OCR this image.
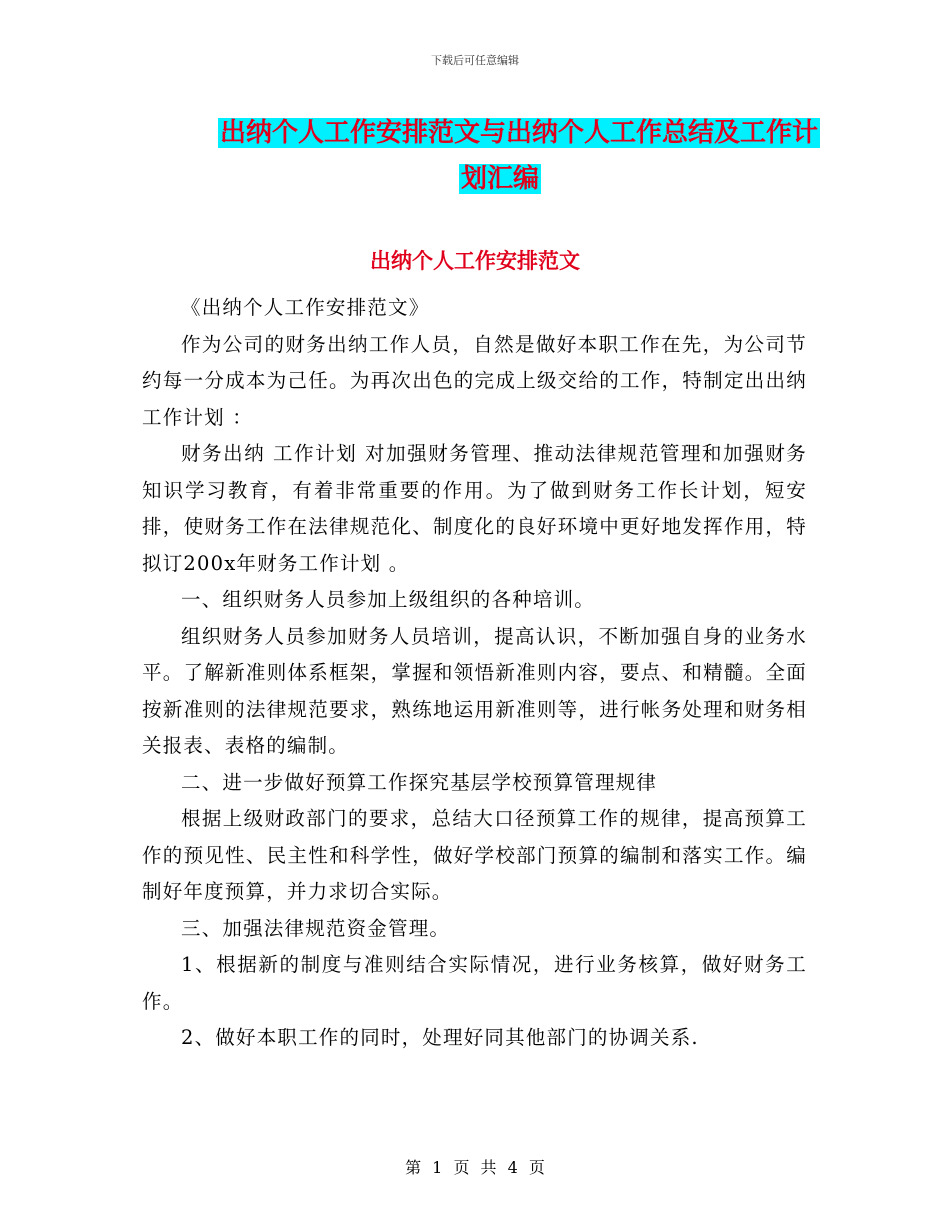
下载后可任意编辑
出纳个人工作安排范文与出纳个人工作总结及工作计
划汇编
出纳个人工作安排范文

《出纳个人工作安排范文》

作为公司的财务出纳工作人员，自然是做好本职工作在先，为公司节约每一分成本为己任。为再次出色的完成上级交给的工作，特制定出出纳 工作计划 ：

财务出纳 工作计划 对加强财务管理、推动法律规范管理和加强财务知识学习教育，有着非常重要的作用。为了做到财务工作长计划，短安排，使财务工作在法律规范化、制度化的良好环境中更好地发挥作用，特拟订200x年财务工作计划 。

一、组织财务人员参加上级组织的各种培训。

组织财务人员参加财务人员培训，提高认识，不断加强自身的业务水平。了解新准则体系框架，掌握和领悟新准则内容，要点、和精髓。全面按新准则的法律规范要求，熟练地运用新准则等，进行帐务处理和财务相关报表、表格的编制。

二、进一步做好预算工作探究基层学校预算管理规律

根据上级财政部门的要求，总结大口径预算工作的规律，提高预算工作的预见性、民主性和科学性，做好学校部门预算的编制和落实工作。编制好年度预算，并力求切合实际。

三、加强法律规范资金管理。

1、根据新的制度与准则结合实际情况，进行业务核算，做好财务工作。

2、做好本职工作的同时，处理好同其他部门的协调关系.

第 1 页 共 4 页
